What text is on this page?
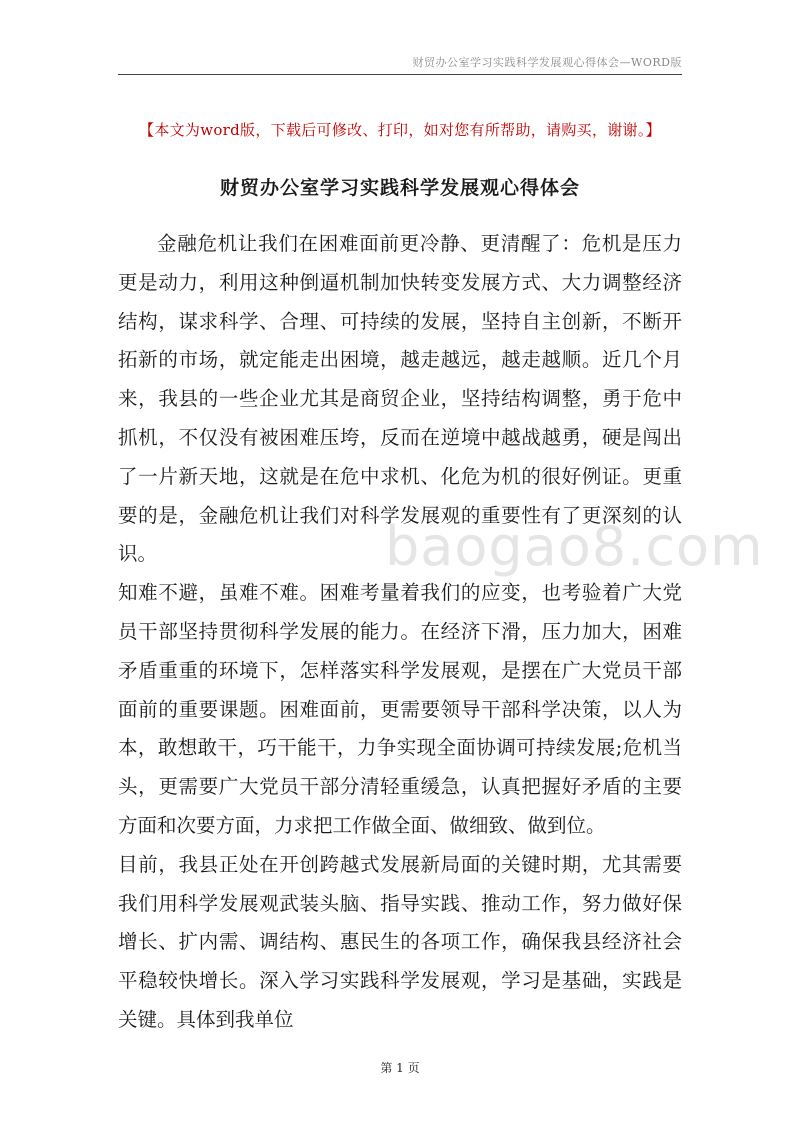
财贸办公室学习实践科学发展观心得体会—WORD版
【本文为word版，下载后可修改、打印，如对您有所帮助，请购买，谢谢。】
财贸办公室学习实践科学发展观心得体会

金融危机让我们在困难面前更冷静、更清醒了：危机是压力更是动力，利用这种倒逼机制加快转变发展方式、大力调整经济结构，谋求科学、合理、可持续的发展，坚持自主创新，不断开拓新的市场，就定能走出困境，越走越远，越走越顺。近几个月来，我县的一些企业尤其是商贸企业，坚持结构调整，勇于危中抓机，不仅没有被困难压垮，反而在逆境中越战越勇，硬是闯出了一片新天地，这就是在危中求机、化危为机的很好例证。更重要的是，金融危机让我们对科学发展观的重要性有了更深刻的认识。

知难不避，虽难不难。困难考量着我们的应变，也考验着广大党员干部坚持贯彻科学发展的能力。在经济下滑，压力加大，困难矛盾重重的环境下，怎样落实科学发展观，是摆在广大党员干部面前的重要课题。困难面前，更需要领导干部科学决策，以人为本，敢想敢干，巧干能干，力争实现全面协调可持续发展;危机当头，更需要广大党员干部分清轻重缓急，认真把握好矛盾的主要方面和次要方面，力求把工作做全面、做细致、做到位。

目前，我县正处在开创跨越式发展新局面的关键时期，尤其需要我们用科学发展观武装头脑、指导实践、推动工作，努力做好保增长、扩内需、调结构、惠民生的各项工作，确保我县经济社会平稳较快增长。深入学习实践科学发展观，学习是基础，实践是关键。具体到我单位

baogao8.com
第 1 页
